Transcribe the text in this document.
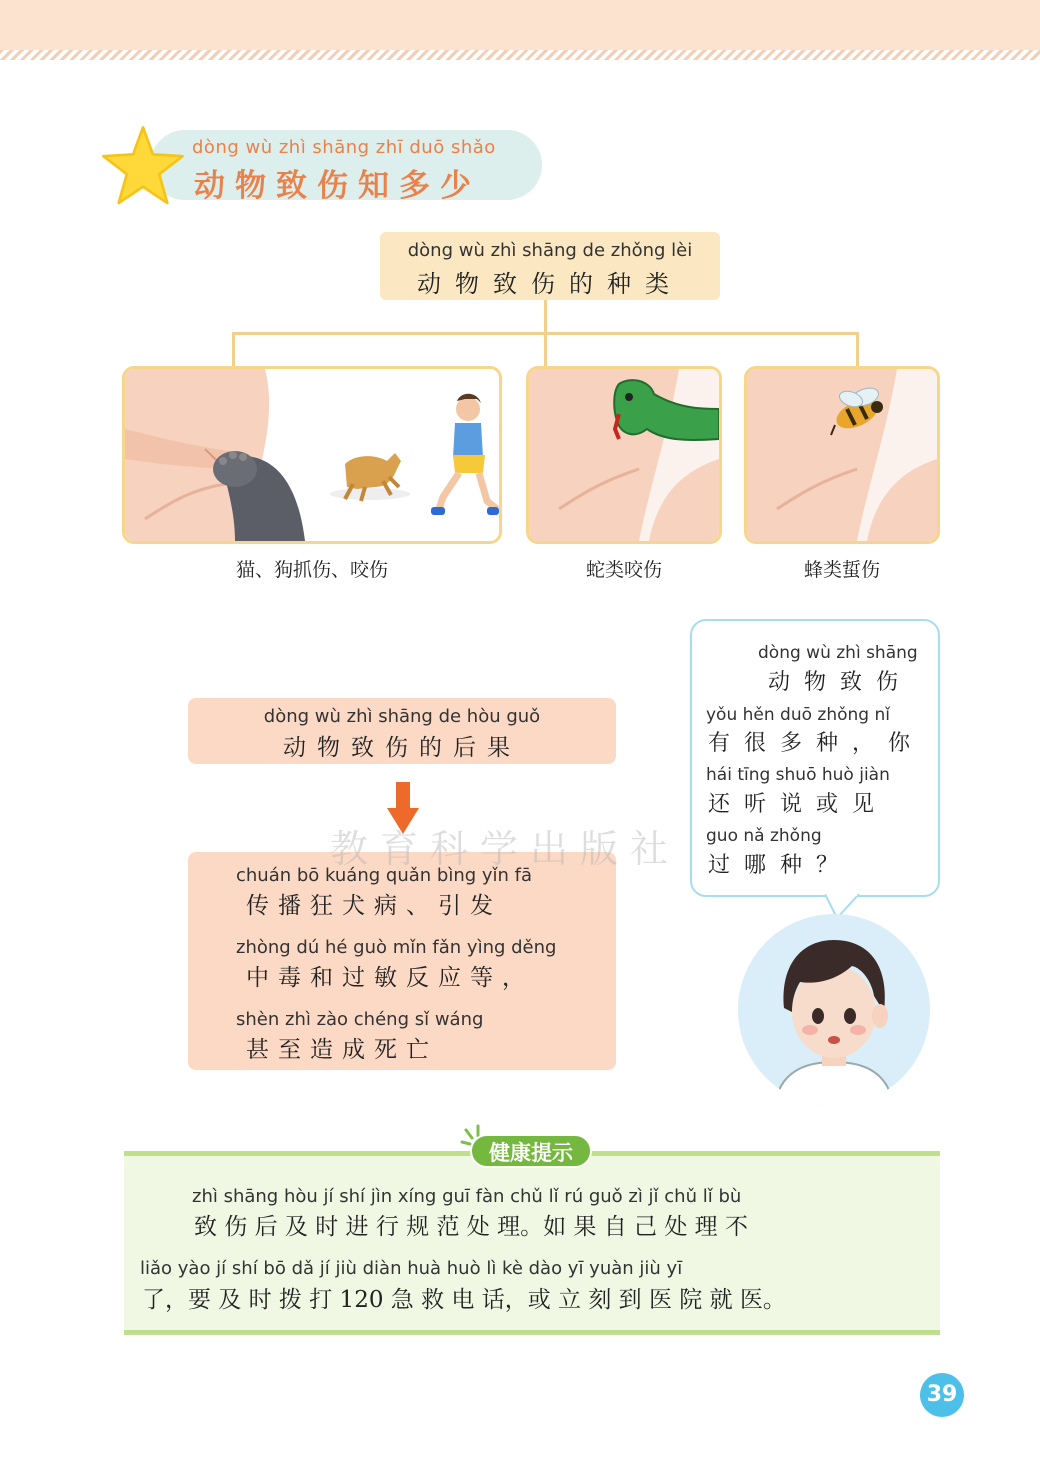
dòng wù zhì shāng zhī duō shǎo
动物致伤知多少
dòng wù zhì shāng de zhǒng lèi
动物致伤的种类
猫、狗抓伤、咬伤	蛇类咬伤	蜂类蜇伤
dòng wù zhì shāng de hòu guǒ
动物致伤的后果
chuán bō kuáng quǎn bìng yǐn fā
传播狂犬病、引发
zhòng dú hé guò mǐn fǎn yìng děng
中毒和过敏反应等，
shèn zhì zào chéng sǐ wáng
甚至造成死亡
教育科学出版社
dòng wù zhì shāng
动物致伤
yǒu hěn duō zhǒng nǐ
有很多种，你
hái tīng shuō huò jiàn
还听说或见
guo nǎ zhǒng
过哪种？
健康提示
zhì shāng hòu jí shí jìn xíng guī fàn chǔ lǐ rú guǒ zì jǐ chǔ lǐ bù
致 伤 后 及 时 进 行 规 范 处 理。如 果 自 己 处 理 不
liǎo yào jí shí bō dǎ jí jiù diàn huà huò lì kè dào yī yuàn jiù yī
了，要 及 时 拨 打 120 急 救 电 话，或 立 刻 到 医 院 就 医。
39
